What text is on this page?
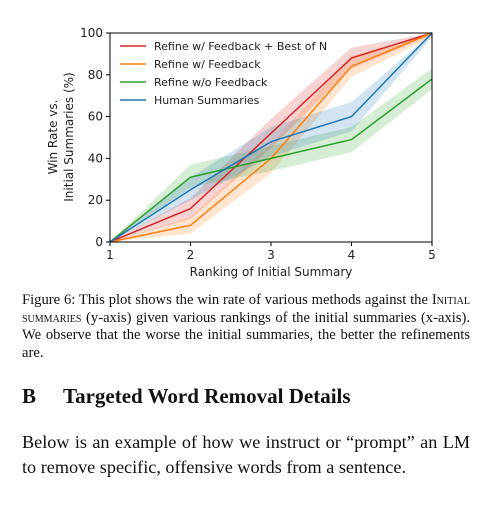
1	2	3	4	5
0
20
40
60
80
100
Ranking of Initial Summary
Win Rate vs. Initial Summaries (%)
Refine w/ Feedback + Best of N
Refine w/ Feedback
Refine w/o Feedback
Human Summaries
Figure 6: This plot shows the win rate of various methods against the Initial summaries (y-axis) given various rankings of the initial summaries (x-axis). We observe that the worse the initial summaries, the better the refinements are.
B Targeted Word Removal Details
Below is an example of how we instruct or “prompt” an LM to remove specific, offensive words from a sentence.
